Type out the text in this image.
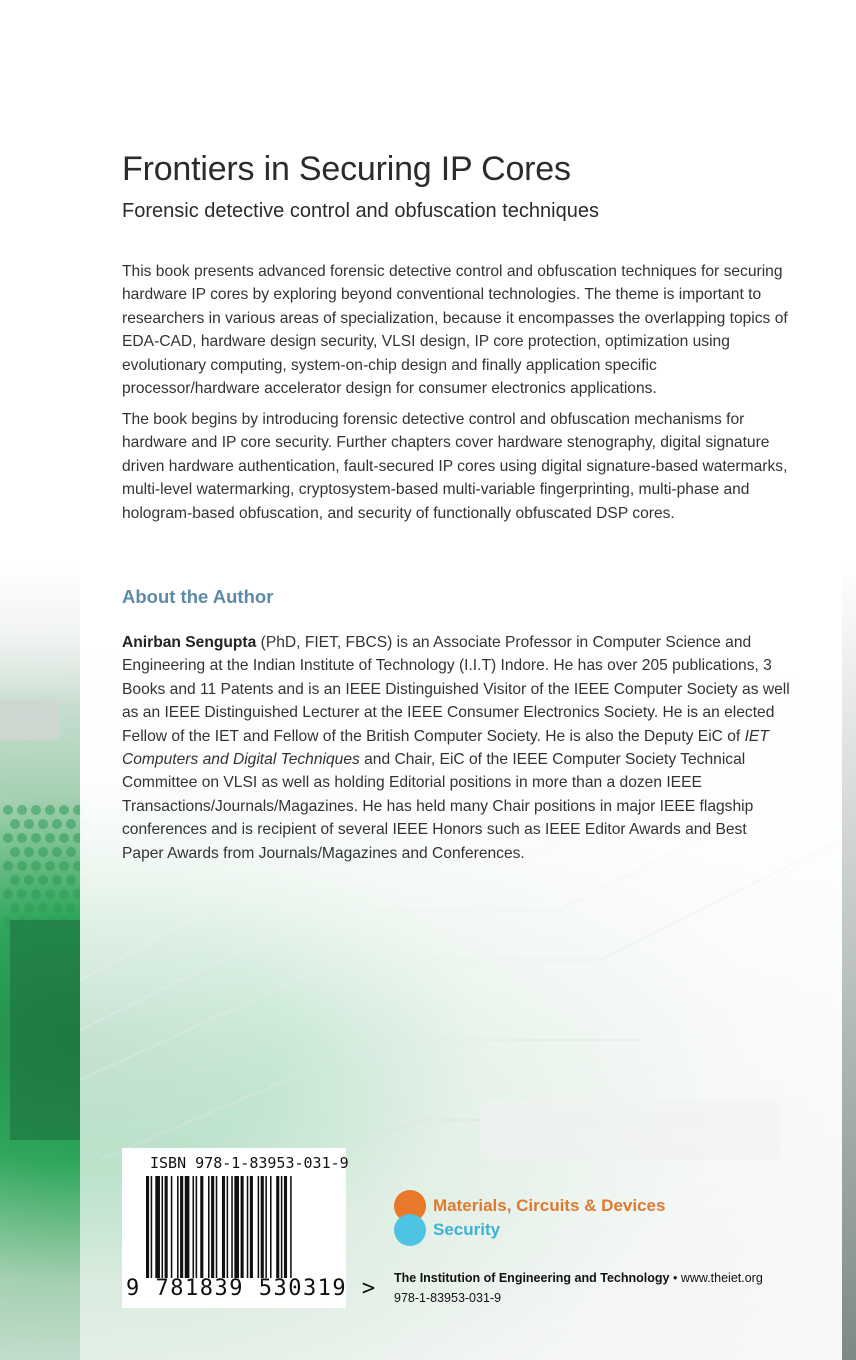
Frontiers in Securing IP Cores
Forensic detective control and obfuscation techniques

This book presents advanced forensic detective control and obfuscation techniques for securing hardware IP cores by exploring beyond conventional technologies. The theme is important to researchers in various areas of specialization, because it encompasses the overlapping topics of EDA-CAD, hardware design security, VLSI design, IP core protection, optimization using evolutionary computing, system-on-chip design and finally application specific processor/hardware accelerator design for consumer electronics applications.

The book begins by introducing forensic detective control and obfuscation mechanisms for hardware and IP core security. Further chapters cover hardware stenography, digital signature driven hardware authentication, fault-secured IP cores using digital signature-based watermarks, multi-level watermarking, cryptosystem-based multi-variable fingerprinting, multi-phase and hologram-based obfuscation, and security of functionally obfuscated DSP cores.

About the Author

Anirban Sengupta (PhD, FIET, FBCS) is an Associate Professor in Computer Science and Engineering at the Indian Institute of Technology (I.I.T) Indore. He has over 205 publications, 3 Books and 11 Patents and is an IEEE Distinguished Visitor of the IEEE Computer Society as well as an IEEE Distinguished Lecturer at the IEEE Consumer Electronics Society. He is an elected Fellow of the IET and Fellow of the British Computer Society. He is also the Deputy EiC of IET Computers and Digital Techniques and Chair, EiC of the IEEE Computer Society Technical Committee on VLSI as well as holding Editorial positions in more than a dozen IEEE Transactions/Journals/Magazines. He has held many Chair positions in major IEEE flagship conferences and is recipient of several IEEE Honors such as IEEE Editor Awards and Best Paper Awards from Journals/Magazines and Conferences.

ISBN 978-1-83953-031-9
9 781839 530319 >
Materials, Circuits & Devices
Security
The Institution of Engineering and Technology • www.theiet.org
978-1-83953-031-9
